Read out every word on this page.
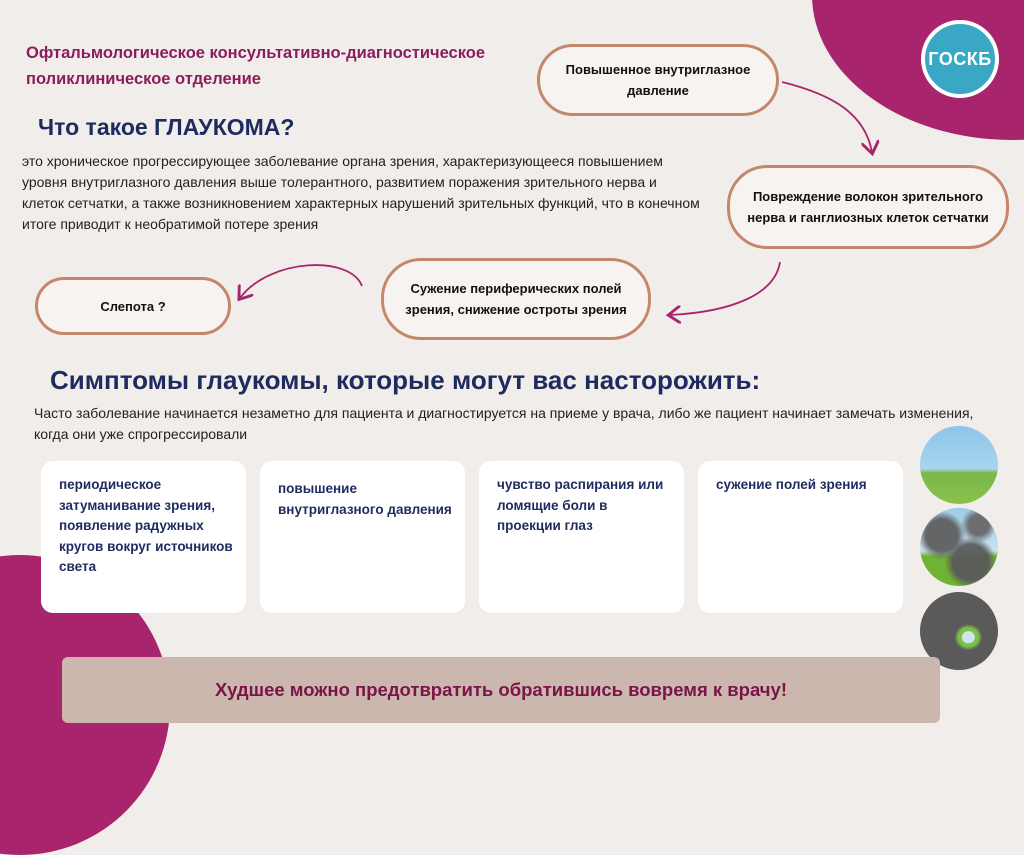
ГОСКБ
Офтальмологическое консультативно-диагностическое
поликлиническое отделение
Что такое ГЛАУКОМА?
это хроническое прогрессирующее заболевание органа зрения, характеризующееся повышением уровня внутриглазного давления выше толерантного, развитием поражения зрительного нерва и клеток сетчатки, а также возникновением характерных нарушений зрительных функций, что в конечном итоге приводит к необратимой потере зрения
Повышенное внутриглазное давление
Повреждение волокон зрительного нерва и ганглиозных клеток сетчатки
Сужение периферических полей зрения, снижение остроты зрения
Слепота ?
Симптомы глаукомы, которые могут вас насторожить:
Часто заболевание начинается незаметно для пациента и диагностируется на приеме у врача, либо же пациент начинает замечать изменения, когда они уже спрогрессировали
периодическое затуманивание зрения, появление радужных кругов вокруг источников света
повышение внутриглазного давления
чувство распирания или ломящие боли в проекции глаз
сужение полей зрения
Худшее можно предотвратить обратившись вовремя к врачу!
